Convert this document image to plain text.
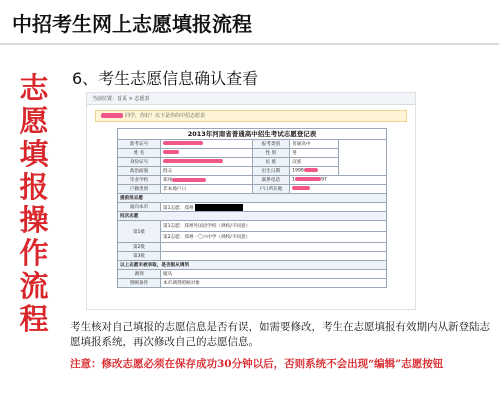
中招考生网上志愿填报流程
志
愿
填
报
操
作
流
程
6、考生志愿信息确认查看
当前位置：首页 > 志愿表
同学，你好！以下是你的中招志愿表
2013年河南省普通高中招生考试志愿登记表
准考证号		报考类别	普通高中	
姓 名		性 别	男	
身份证号		民 族	汉族	
政治面貌	群众	出生日期	1998	
毕业学校	郑州	联系电话	1 97	
户籍类别	非本地户口	户口所在地		
提前批志愿				
面向本市	第1志愿：郑州			
批次志愿				
第1批	第1志愿：郑州外国语学校（择校/不同意）			
	第2志愿：郑州一〇六中学（择校/不同意）			
第2批				
第3批				
以上志愿未被录取，是否服从调剂				
调剂	服从			
照顾条件	本市调剂照顾对象			
考生核对自己填报的志愿信息是否有误，如需要修改，考生在志愿填报有效期内从新登陆志愿填报系统，再次修改自己的志愿信息。
注意：修改志愿必须在保存成功30分钟以后，否则系统不会出现“编辑”志愿按钮
